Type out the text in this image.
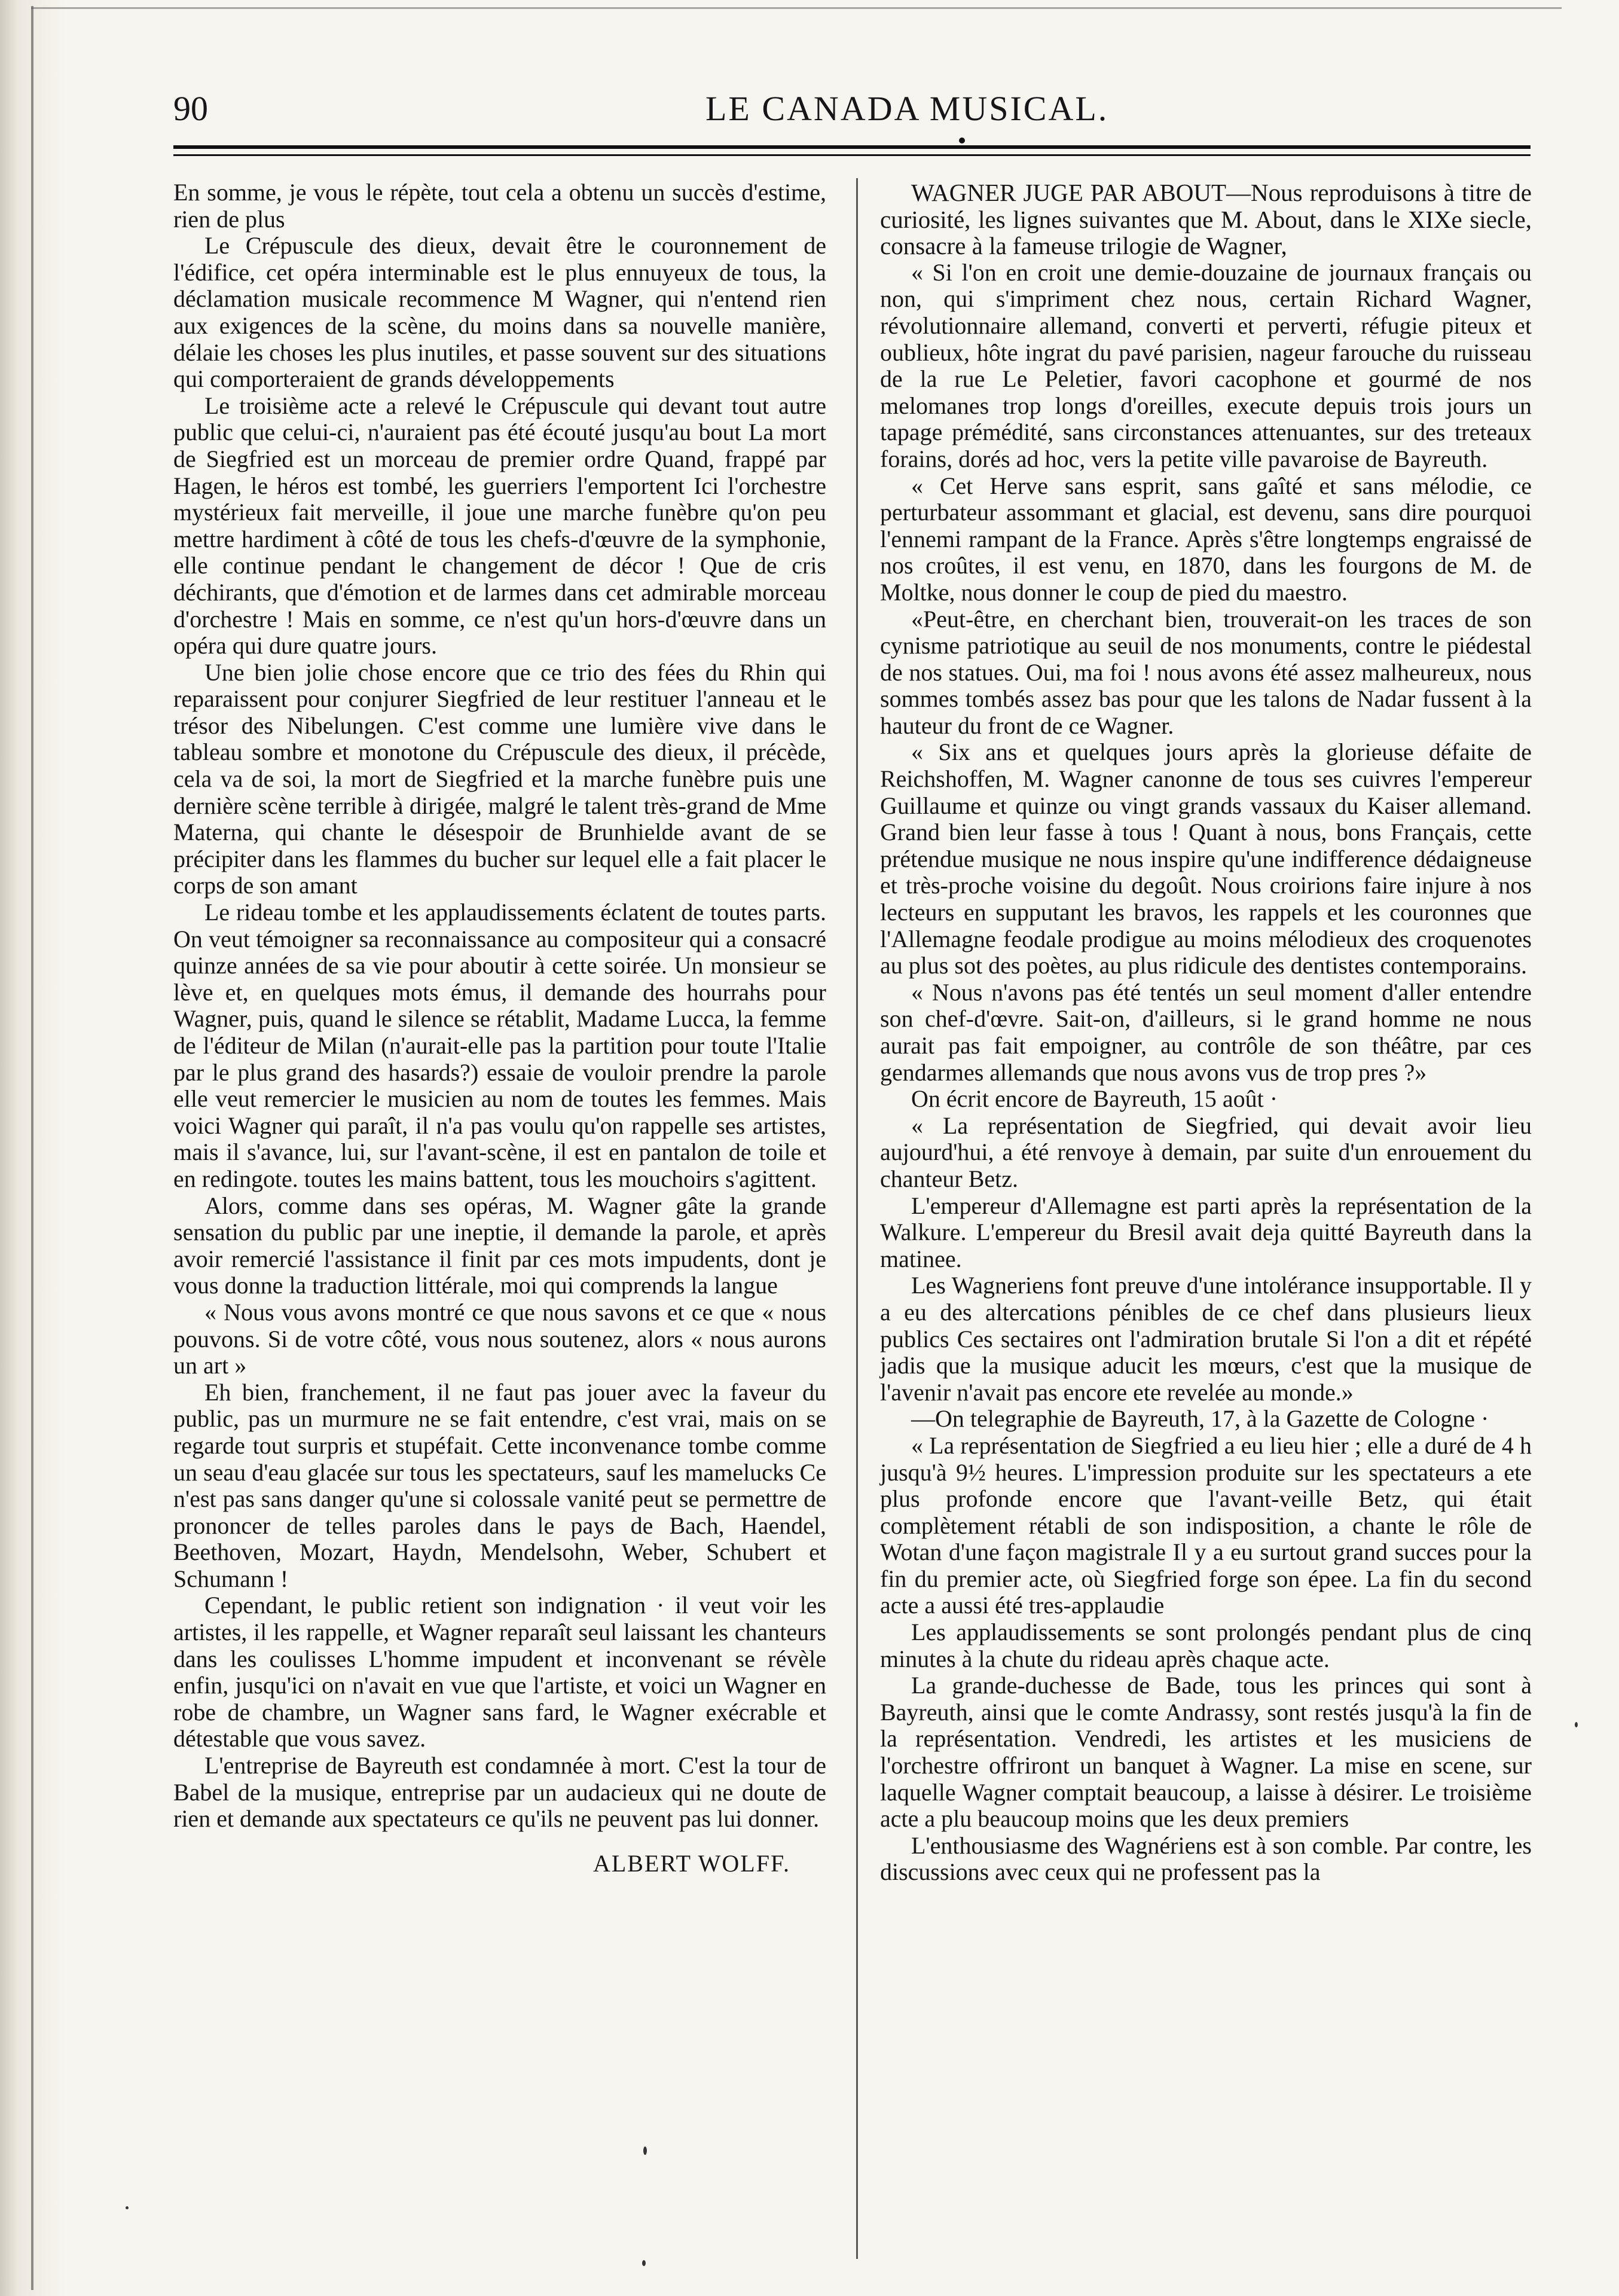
90	LE CANADA MUSICAL.

En somme, je vous le répète, tout cela a obtenu un succès d'estime, rien de plus

Le Crépuscule des dieux, devait être le couronnement de l'édifice, cet opéra interminable est le plus ennuyeux de tous, la déclamation musicale recommence M Wagner, qui n'entend rien aux exigences de la scène, du moins dans sa nouvelle manière, délaie les choses les plus inutiles, et passe souvent sur des situations qui comporteraient de grands développements

Le troisième acte a relevé le Crépuscule qui devant tout autre public que celui-ci, n'auraient pas été écouté jusqu'au bout La mort de Siegfried est un morceau de premier ordre Quand, frappé par Hagen, le héros est tombé, les guerriers l'emportent Ici l'orchestre mystérieux fait merveille, il joue une marche funèbre qu'on peu mettre hardiment à côté de tous les chefs-d'œuvre de la symphonie, elle continue pendant le changement de décor ! Que de cris déchirants, que d'émotion et de larmes dans cet admirable morceau d'orchestre ! Mais en somme, ce n'est qu'un hors-d'œuvre dans un opéra qui dure quatre jours.

Une bien jolie chose encore que ce trio des fées du Rhin qui reparaissent pour conjurer Siegfried de leur restituer l'anneau et le trésor des Nibelungen. C'est comme une lumière vive dans le tableau sombre et monotone du Crépuscule des dieux, il précède, cela va de soi, la mort de Siegfried et la marche funèbre puis une dernière scène terrible à dirigée, malgré le talent très-grand de Mme Materna, qui chante le désespoir de Brunhielde avant de se précipiter dans les flammes du bucher sur lequel elle a fait placer le corps de son amant

Le rideau tombe et les applaudissements éclatent de toutes parts. On veut témoigner sa reconnaissance au compositeur qui a consacré quinze années de sa vie pour aboutir à cette soirée. Un monsieur se lève et, en quelques mots émus, il demande des hourrahs pour Wagner, puis, quand le silence se rétablit, Madame Lucca, la femme de l'éditeur de Milan (n'aurait-elle pas la partition pour toute l'Italie par le plus grand des hasards?) essaie de vouloir prendre la parole elle veut remercier le musicien au nom de toutes les femmes. Mais voici Wagner qui paraît, il n'a pas voulu qu'on rappelle ses artistes, mais il s'avance, lui, sur l'avant-scène, il est en pantalon de toile et en redingote. toutes les mains battent, tous les mouchoirs s'agittent.

Alors, comme dans ses opéras, M. Wagner gâte la grande sensation du public par une ineptie, il demande la parole, et après avoir remercié l'assistance il finit par ces mots impudents, dont je vous donne la traduction littérale, moi qui comprends la langue

« Nous vous avons montré ce que nous savons et ce que « nous pouvons. Si de votre côté, vous nous soutenez, alors « nous aurons un art »

Eh bien, franchement, il ne faut pas jouer avec la faveur du public, pas un murmure ne se fait entendre, c'est vrai, mais on se regarde tout surpris et stupéfait. Cette inconvenance tombe comme un seau d'eau glacée sur tous les spectateurs, sauf les mamelucks Ce n'est pas sans danger qu'une si colossale vanité peut se permettre de prononcer de telles paroles dans le pays de Bach, Haendel, Beethoven, Mozart, Haydn, Mendelsohn, Weber, Schubert et Schumann !

Cependant, le public retient son indignation · il veut voir les artistes, il les rappelle, et Wagner reparaît seul laissant les chanteurs dans les coulisses L'homme impudent et inconvenant se révèle enfin, jusqu'ici on n'avait en vue que l'artiste, et voici un Wagner en robe de chambre, un Wagner sans fard, le Wagner exécrable et détestable que vous savez.

L'entreprise de Bayreuth est condamnée à mort. C'est la tour de Babel de la musique, entreprise par un audacieux qui ne doute de rien et demande aux spectateurs ce qu'ils ne peuvent pas lui donner.

ALBERT WOLFF.

WAGNER JUGE PAR ABOUT—Nous reproduisons à titre de curiosité, les lignes suivantes que M. About, dans le XIXe siecle, consacre à la fameuse trilogie de Wagner,

« Si l'on en croit une demie-douzaine de journaux français ou non, qui s'impriment chez nous, certain Richard Wagner, révolutionnaire allemand, converti et perverti, réfugie piteux et oublieux, hôte ingrat du pavé parisien, nageur farouche du ruisseau de la rue Le Peletier, favori cacophone et gourmé de nos melomanes trop longs d'oreilles, execute depuis trois jours un tapage prémédité, sans circonstances attenuantes, sur des treteaux forains, dorés ad hoc, vers la petite ville pavaroise de Bayreuth.

« Cet Herve sans esprit, sans gaîté et sans mélodie, ce perturbateur assommant et glacial, est devenu, sans dire pourquoi l'ennemi rampant de la France. Après s'être longtemps engraissé de nos croûtes, il est venu, en 1870, dans les fourgons de M. de Moltke, nous donner le coup de pied du maestro.

«Peut-être, en cherchant bien, trouverait-on les traces de son cynisme patriotique au seuil de nos monuments, contre le piédestal de nos statues. Oui, ma foi ! nous avons été assez malheureux, nous sommes tombés assez bas pour que les talons de Nadar fussent à la hauteur du front de ce Wagner.

« Six ans et quelques jours après la glorieuse défaite de Reichshoffen, M. Wagner canonne de tous ses cuivres l'empereur Guillaume et quinze ou vingt grands vassaux du Kaiser allemand. Grand bien leur fasse à tous ! Quant à nous, bons Français, cette prétendue musique ne nous inspire qu'une indifference dédaigneuse et très-proche voisine du degoût. Nous croirions faire injure à nos lecteurs en supputant les bravos, les rappels et les couronnes que l'Allemagne feodale prodigue au moins mélodieux des croquenotes au plus sot des poètes, au plus ridicule des dentistes contemporains.

« Nous n'avons pas été tentés un seul moment d'aller entendre son chef-d'œvre. Sait-on, d'ailleurs, si le grand homme ne nous aurait pas fait empoigner, au contrôle de son théâtre, par ces gendarmes allemands que nous avons vus de trop pres ?»

On écrit encore de Bayreuth, 15 août ·

« La représentation de Siegfried, qui devait avoir lieu aujourd'hui, a été renvoye à demain, par suite d'un enrouement du chanteur Betz.

L'empereur d'Allemagne est parti après la représentation de la Walkure. L'empereur du Bresil avait deja quitté Bayreuth dans la matinee.

Les Wagneriens font preuve d'une intolérance insupportable. Il y a eu des altercations pénibles de ce chef dans plusieurs lieux publics Ces sectaires ont l'admiration brutale Si l'on a dit et répété jadis que la musique aducit les mœurs, c'est que la musique de l'avenir n'avait pas encore ete revelée au monde.»

—On telegraphie de Bayreuth, 17, à la Gazette de Cologne ·

« La représentation de Siegfried a eu lieu hier ; elle a duré de 4 h jusqu'à 9½ heures. L'impression produite sur les spectateurs a ete plus profonde encore que l'avant-veille Betz, qui était complètement rétabli de son indisposition, a chante le rôle de Wotan d'une façon magistrale Il y a eu surtout grand succes pour la fin du premier acte, où Siegfried forge son épee. La fin du second acte a aussi été tres-applaudie

Les applaudissements se sont prolongés pendant plus de cinq minutes à la chute du rideau après chaque acte.

La grande-duchesse de Bade, tous les princes qui sont à Bayreuth, ainsi que le comte Andrassy, sont restés jusqu'à la fin de la représentation. Vendredi, les artistes et les musiciens de l'orchestre offriront un banquet à Wagner. La mise en scene, sur laquelle Wagner comptait beaucoup, a laisse à désirer. Le troisième acte a plu beaucoup moins que les deux premiers

L'enthousiasme des Wagnériens est à son comble. Par contre, les discussions avec ceux qui ne professent pas la
